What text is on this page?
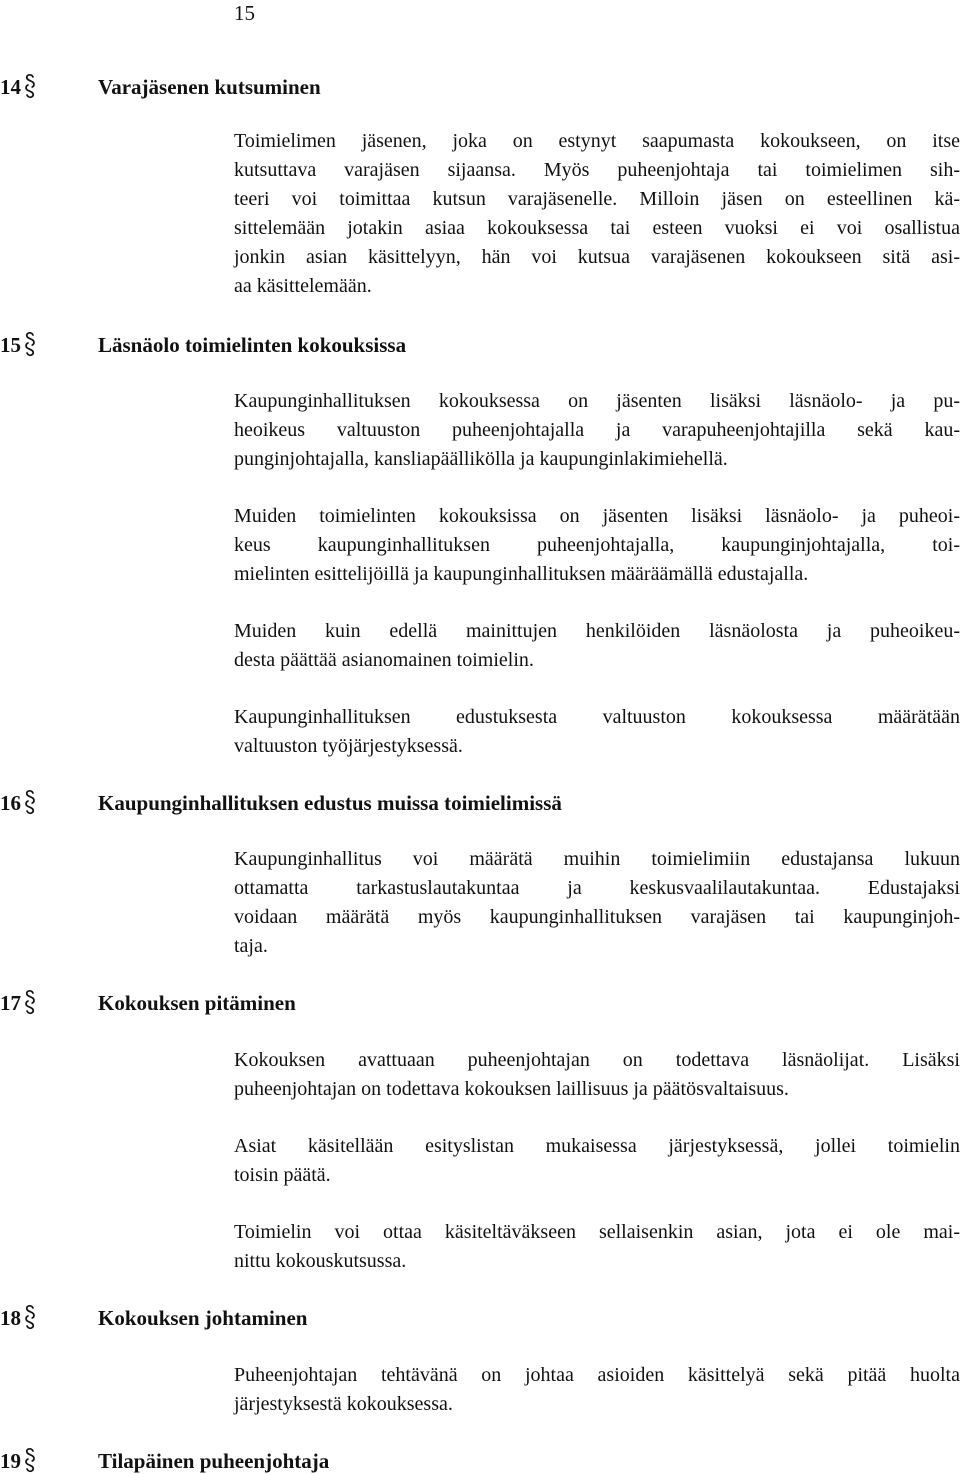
15
14	Varajäsenen kutsuminen
15	Läsnäolo toimielinten kokouksissa
16	Kaupunginhallituksen edustus muissa toimielimissä
17	Kokouksen pitäminen
18	Kokouksen johtaminen
19	Tilapäinen puheenjohtaja
Toimielimen jäsenen, joka on estynyt saapumasta kokoukseen, on itse
kutsuttava varajäsen sijaansa. Myös puheenjohtaja tai toimielimen sih-
teeri voi toimittaa kutsun varajäsenelle. Milloin jäsen on esteellinen kä-
sittelemään jotakin asiaa kokouksessa tai esteen vuoksi ei voi osallistua
jonkin asian käsittelyyn, hän voi kutsua varajäsenen kokoukseen sitä asi-
aa käsittelemään.
Kaupunginhallituksen kokouksessa on jäsenten lisäksi läsnäolo- ja pu-
heoikeus valtuuston puheenjohtajalla ja varapuheenjohtajilla sekä kau-
punginjohtajalla, kansliapäällikölla ja kaupunginlakimiehellä.
Muiden toimielinten kokouksissa on jäsenten lisäksi läsnäolo- ja puheoi-
keus kaupunginhallituksen puheenjohtajalla, kaupunginjohtajalla, toi-
mielinten esittelijöillä ja kaupunginhallituksen määräämällä edustajalla.
Muiden kuin edellä mainittujen henkilöiden läsnäolosta ja puheoikeu-
desta päättää asianomainen toimielin.
Kaupunginhallituksen edustuksesta valtuuston kokouksessa määrätään
valtuuston työjärjestyksessä.
Kaupunginhallitus voi määrätä muihin toimielimiin edustajansa lukuun
ottamatta tarkastuslautakuntaa ja keskusvaalilautakuntaa. Edustajaksi
voidaan määrätä myös kaupunginhallituksen varajäsen tai kaupunginjoh-
taja.
Kokouksen avattuaan puheenjohtajan on todettava läsnäolijat. Lisäksi
puheenjohtajan on todettava kokouksen laillisuus ja päätösvaltaisuus.
Asiat käsitellään esityslistan mukaisessa järjestyksessä, jollei toimielin
toisin päätä.
Toimielin voi ottaa käsiteltäväkseen sellaisenkin asian, jota ei ole mai-
nittu kokouskutsussa.
Puheenjohtajan tehtävänä on johtaa asioiden käsittelyä sekä pitää huolta
järjestyksestä kokouksessa.
